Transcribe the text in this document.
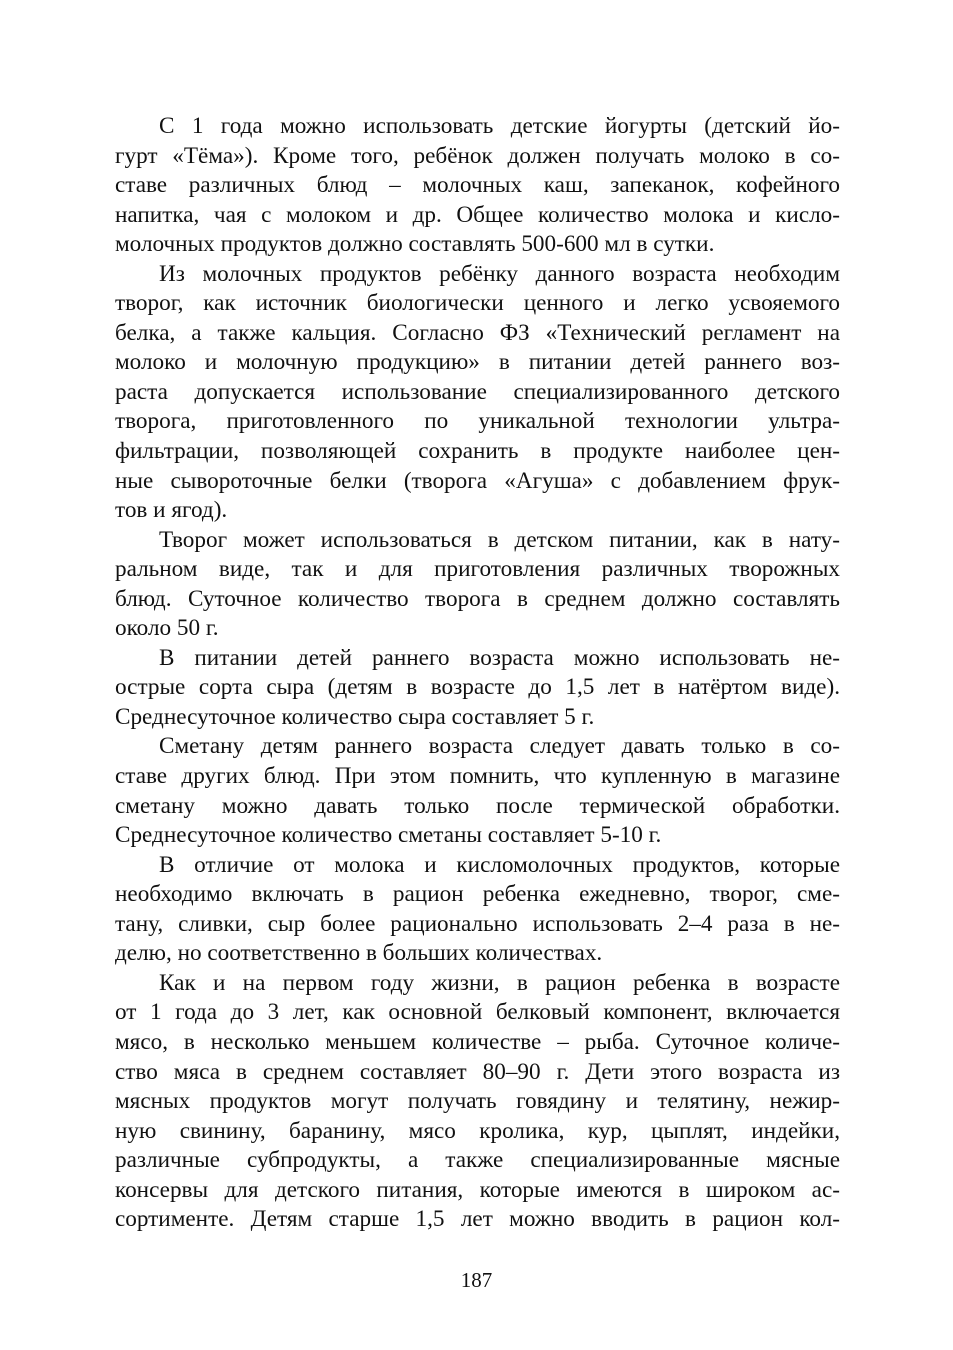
С 1 года можно использовать детские йогурты (детский йо-
гурт «Тёма»). Кроме того, ребёнок должен получать молоко в со-
ставе различных блюд – молочных каш, запеканок, кофейного
напитка, чая с молоком и др. Общее количество молока и кисло-
молочных продуктов должно составлять 500-600 мл в сутки.
Из молочных продуктов ребёнку данного возраста необходим
творог, как источник биологически ценного и легко усвояемого
белка, а также кальция. Согласно ФЗ «Технический регламент на
молоко и молочную продукцию» в питании детей раннего воз-
раста допускается использование специализированного детского
творога, приготовленного по уникальной технологии ультра-
фильтрации, позволяющей сохранить в продукте наиболее цен-
ные сывороточные белки (творога «Агуша» с добавлением фрук-
тов и ягод).
Творог может использоваться в детском питании, как в нату-
ральном виде, так и для приготовления различных творожных
блюд. Суточное количество творога в среднем должно составлять
около 50 г.
В питании детей раннего возраста можно использовать не-
острые сорта сыра (детям в возрасте до 1,5 лет в натёртом виде).
Среднесуточное количество сыра составляет 5 г.
Сметану детям раннего возраста следует давать только в со-
ставе других блюд. При этом помнить, что купленную в магазине
сметану можно давать только после термической обработки.
Среднесуточное количество сметаны составляет 5-10 г.
В отличие от молока и кисломолочных продуктов, которые
необходимо включать в рацион ребенка ежедневно, творог, сме-
тану, сливки, сыр более рационально использовать 2–4 раза в не-
делю, но соответственно в больших количествах.
Как и на первом году жизни, в рацион ребенка в возрасте
от 1 года до 3 лет, как основной белковый компонент, включается
мясо, в несколько меньшем количестве – рыба. Суточное количе-
ство мяса в среднем составляет 80–90 г. Дети этого возраста из
мясных продуктов могут получать говядину и телятину, нежир-
ную свинину, баранину, мясо кролика, кур, цыплят, индейки,
различные субпродукты, а также специализированные мясные
консервы для детского питания, которые имеются в широком ас-
сортименте. Детям старше 1,5 лет можно вводить в рацион кол-
187
